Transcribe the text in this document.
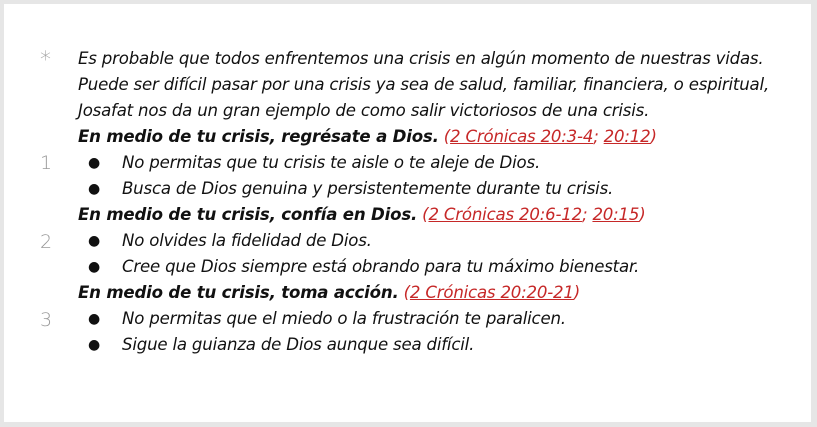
*
1
2
3

Es probable que todos enfrentemos una crisis en algún momento de nuestras vidas. Puede ser difícil pasar por una crisis ya sea de salud, familiar, financiera, o espiritual, Josafat nos da un gran ejemplo de como salir victoriosos de una crisis.

En medio de tu crisis, regrésate a Dios. (2 Crónicas 20:3-4; 20:12)

● No permitas que tu crisis te aisle o te aleje de Dios.
● Busca de Dios genuina y persistentemente durante tu crisis.

En medio de tu crisis, confía en Dios. (2 Crónicas 20:6-12; 20:15)

● No olvides la fidelidad de Dios.
● Cree que Dios siempre está obrando para tu máximo bienestar.

En medio de tu crisis, toma acción. (2 Crónicas 20:20-21)

● No permitas que el miedo o la frustración te paralicen.
● Sigue la guianza de Dios aunque sea difícil.
